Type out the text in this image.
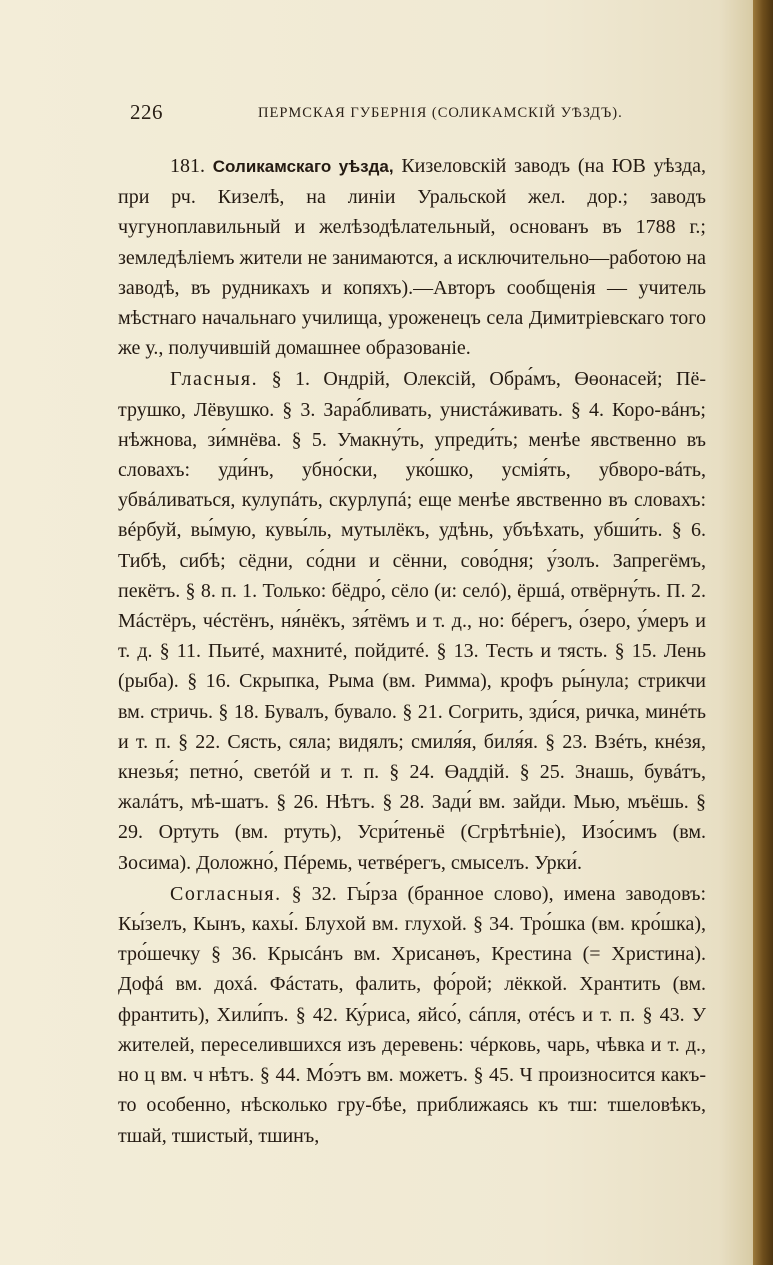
226	ПЕРМСКАЯ ГУБЕРНІЯ (СОЛИКАМСКІЙ УѢЗДЪ).

181. Соликамскаго уѣзда, Кизеловскій заводъ (на ЮВ уѣзда, при рч. Кизелѣ, на линіи Уральской жел. дор.; заводъ чугуноплавильный и желѣзодѣлательный, основанъ въ 1788 г.; земледѣліемъ жители не занимаются, а исключительно—работою на заводѣ, въ рудникахъ и копяхъ).—Авторъ сообщенія — учитель мѣстнаго начальнаго училища, уроженецъ села Димитріевскаго того же у., получившій домашнее образованіе.

Гласныя. § 1. Ондрій, Олексій, Обра́мъ, Өөонасей; Пё-трушко, Лёвушко. § 3. Зара́бливать, унистáживать. § 4. Коро-вáнъ; нѣжнова, зи́мнёва. § 5. Умакну́ть, упреди́ть; менѣе явственно въ словахъ: уди́нъ, убно́ски, уко́шко, усмія́ть, убворо-вáть, убвáливаться, кулупáть, скурлупá; еще менѣе явственно въ словахъ: вéрбуй, вы́мую, кувы́ль, мутылёкъ, удѣнь, убъѣхать, убши́ть. § 6. Тибѣ, сибѣ; сёдни, со́дни и сённи, сово́дня; у́золъ. Запрегёмъ, пекётъ. § 8. п. 1. Только: бёдро́, сёло (и: сeлó), ёршá, отвёрну́ть. П. 2. Мáстёръ, чéстёнъ, ня́нёкъ, зя́тёмъ и т. д., но: бéрегъ, о́зеро, у́меръ и т. д. § 11. Пьитé, махнитé, пойдитé. § 13. Тесть и тясть. § 15. Лень (рыба). § 16. Скрыпка, Рыма (вм. Римма), крофъ ры́нула; стрикчи вм. стричь. § 18. Бувалъ, бувало. § 21. Согрить, зди́ся, ричка, минéть и т. п. § 22. Сясть, сяла; видялъ; смиля́я, биля́я. § 23. Взéть, кнéзя, кнезья́; петно́, светóй и т. п. § 24. Өаддій. § 25. Знашь, бувáтъ, жалáтъ, мѣ-шатъ. § 26. Нѣтъ. § 28. Зади́ вм. зайди. Мью, мъёшь. § 29. Ортуть (вм. ртуть), Усри́теньё (Сгрѣтѣніе), Изо́симъ (вм. Зосима). Доложно́, Пéремь, четвéрегъ, смыселъ. Урки́.

Согласныя. § 32. Гы́рза (бранное слово), имена заводовъ: Кы́зелъ, Кынъ, кахы́. Блухой вм. глухой. § 34. Тро́шка (вм. кро́шка), тро́шечку § 36. Крысáнъ вм. Хрисанөъ, Крестина (= Христина). Дофá вм. дохá. Фáстать, фалить, фо́рой; лёккой. Хрантить (вм. франтить), Хили́пъ. § 42. Ку́риса, яйсо́, сáпля, отéсъ и т. п. § 43. У жителей, переселившихся изъ деревень: чéрковь, чарь, чѣвка и т. д., но ц вм. ч нѣтъ. § 44. Мо́этъ вм. можетъ. § 45. Ч произносится какъ-то особенно, нѣсколько гру-бѣе, приближаясь къ тш: тшеловѣкъ, тшай, тшистый, тшинъ,
